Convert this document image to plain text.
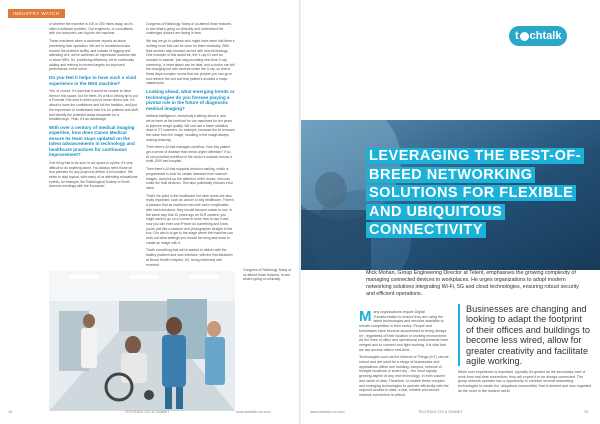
INDUSTRY WATCH

of whether the machine is 100 or 300 miles away, as it's often a software problem. Our engineers, or consultants with our computer, can log into the machine.

These machines when a customer reports an issue preventing their operation. We are to troubleshoot and resolve the problem swiftly, and outside of logging and attending to it, we've achieved an impressive success rate of about 98%. So, prioritising efficiency, we're continually adding and refining to exceed targets for improved performance in the future.

Do you feel it helps to have such a vivid experience in the NHS machine?

Yes, of course. It's said that it would be unwise to have them in this space, but for them, it's a fill-in driving tip to put a Formula One seat in when you've never driven one. It's about to have the confidence and full the tradition, and just the experience to understand how it is for patients and staff and identify the potential areas desperate for a breakthrough. Yeah, it's an advantage.

With over a century of medical imaging expertise, how does Canon Medical ensure its team stays updated on the latest advancements in technology and healthcare practices for continuous improvement?

One thing that is for sure in our space is cycles. It's very difficult to do anything alone. You always need those on four partners for any project to deliver a full solution. We strive to stay topical, with many of us attending educational events, for example, the Radiological Society of North America meetings with the European

Congress of Radiology. Many of us attend those lectures, to see what's going on clinically and understand the challenges doctors are facing in time.

We say we go to patients who might have been told there's nothing more that can be done for them medically. With their another step forward, armed with new technology. One example of this would be, the X-ray IO sent an encoder to assists; 'just stop providing new time X-ray screening', a heart attack can be fatal, and a doctor can tell the changing but with devices under the X-ray, so that of these days complex rooms that are provide you can go in and retrieve the clot and that patient's avoided a major catastrophe.

Looking ahead, what emerging trends or technologies do you foresee playing a pivotal role in the future of diagnostic medical imaging?

Artificial intelligence, everybody's talking about it, and we've been at the forefront for our machines for ten years to improve image quality. We can use a lower radiation dose in CT scanners, for example, because the AI removes the noise from the image, resulting in the image always looking amazing.

Then there's AI that manages workflow. How this patient get a sense of disease that needs urgent attention? If so, AI can prioritise workflow in the doctor's scanner across a multi-1000 bed hospital.

Then there's AI that supports decision making, which is programmed to look for certain diseases from scanner images, and pick up the attention of the doctor, who can make the final decision. This also potentially reduces error rates.

That's the point in the healthcare but other areas are also really important, such as cancer or any healthcare. There's a paradox that as machines become more complicated with extra functions, they should become easier to use. In the same way that 10 years ago an SLR camera, you might want to go on a course to learn how to use it and now you can even use iPhone do something and know you're just like a scanner and photographer straight in the box. Our aim is to get to the stage where the machine can work out what settings you should be using and know to create an image with it.

That's something that we've started to deliver with the battery platform and user interface, with the first attraction at Broad Health Hospital, UK, being extremely well received.

Congress of Radiology. Many of us attend those lectures, to see what's going on clinically.

18	TECHTALK CIO & SUMMIT	www.techtalk-cio.com
t chtalk
LEVERAGING THE BEST-OF-BREED NETWORKING SOLUTIONS FOR FLEXIBLE AND UBIQUITOUS CONNECTIVITY
Mick Mohan, Group Engineering Director at Telent, emphasises the growing complexity of managing connected devices in workplaces. He urges organizations to adopt modern networking solutions integrating Wi-Fi, 5G and cloud technologies, ensuring robust security and efficient operations.

Many organisations require Digital Transformation to ensure they are using the latest technologies and services available to remain competitive in their sector. People and businesses have become accustomed to being 'always on', regardless of their location or working environment. As the lines of office and operational environments have merged and to connect and fight working, it is vital that we can access data in real-time.

Technologies such as the Internet of Things (IoT) can be robust and are used for a range of businesses and applications within one building, campus, network of multiple locations or smart city – the most rapidly-growing aspect of any new technology. In both volume and value of data. Therefore, to enable these complex and emerging technologies to operate efficiently with the required access to data, a fast, reliable and secure network connection is critical.

Businesses are changing and looking to adapt the footprint of their offices and buildings to become less wired, allow for greater creativity and facilitate agile working.

While user experience is important, typically it's guided as the secondary care of work from real-time connection; they will expect it to be always connected. The group network operator has a opportunity to combine several networking technologies to create the 'ubiquitous connectivity' that is desired and now regarded as the norm in the modern world.

www.techtalk-cio.com	TECHTALK CIO & SUMMIT	19
